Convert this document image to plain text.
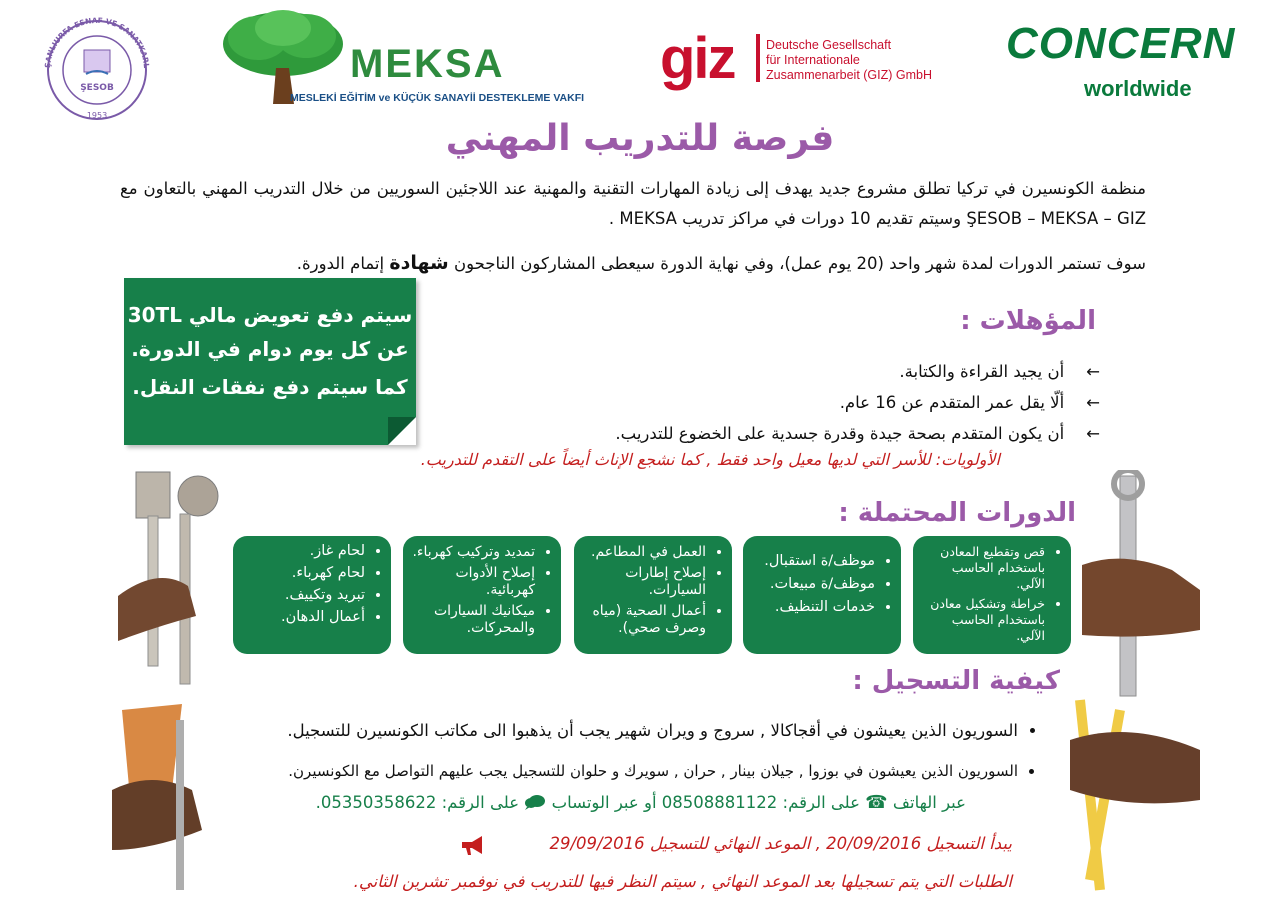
ŞANLIURFA ESNAF VE SANATKARL
ŞESOB
1953
MEKSA
MESLEKİ EĞİTİM ve KÜÇÜK SANAYİİ DESTEKLEME VAKFI
giz	Deutsche Gesellschaft
für Internationale
Zusammenarbeit (GIZ) GmbH
CONCERN
worldwide
فرصة للتدريب المهني
منظمة الكونسيرن في تركيا تطلق مشروع جديد يهدف إلى زيادة المهارات التقنية والمهنية عند اللاجئين السوريين من خلال التدريب المهني بالتعاون مع
ŞESOB – MEKSA – GIZ وسيتم تقديم 10 دورات في مراكز تدريب MEKSA .
سوف تستمر الدورات لمدة شهر واحد (20 يوم عمل)، وفي نهاية الدورة سيعطى المشاركون الناجحون شهادة إتمام الدورة.
سيتم دفع تعويض مالي 30TL
عن كل يوم دوام في الدورة.
كما سيتم دفع نفقات النقل.
المؤهلات :
←
أن يجيد القراءة والكتابة.
←
ألّا يقل عمر المتقدم عن 16 عام.
←
أن يكون المتقدم بصحة جيدة وقدرة جسدية على الخضوع للتدريب.
الأولويات: للأسر التي لديها معيل واحد فقط , كما نشجع الإناث أيضاً على التقدم للتدريب.
الدورات المحتملة :
• قص وتقطيع المعادن باستخدام الحاسب الآلي.
• خراطة وتشكيل معادن باستخدام الحاسب الآلي.
• موظف/ة استقبال.
• موظف/ة مبيعات.
• خدمات التنظيف.
• العمل في المطاعم.
• إصلاح إطارات السيارات.
• أعمال الصحية (مياه وصرف صحي).
• تمديد وتركيب كهرباء.
• إصلاح الأدوات كهربائية.
• ميكانيك السيارات والمحركات.
• لحام غاز.
• لحام كهرباء.
• تبريد وتكييف.
• أعمال الدهان.
كيفية التسجيل :
• السوريون الذين يعيشون في أقجاكالا , سروج و ويران شهير يجب أن يذهبوا الى مكاتب الكونسيرن للتسجيل.
• السوريون الذين يعيشون في بوزوا , جيلان بينار , حران , سويرك و حلوان للتسجيل يجب عليهم التواصل مع الكونسيرن.
عبر الهاتف ☎ على الرقم: 08508881122 أو عبر الوتساب  على الرقم: 05350358622.
يبدأ التسجيل 20/09/2016 , الموعد النهائي للتسجيل 29/09/2016
الطلبات التي يتم تسجيلها بعد الموعد النهائي , سيتم النظر فيها للتدريب في نوفمبر تشرين الثاني.
